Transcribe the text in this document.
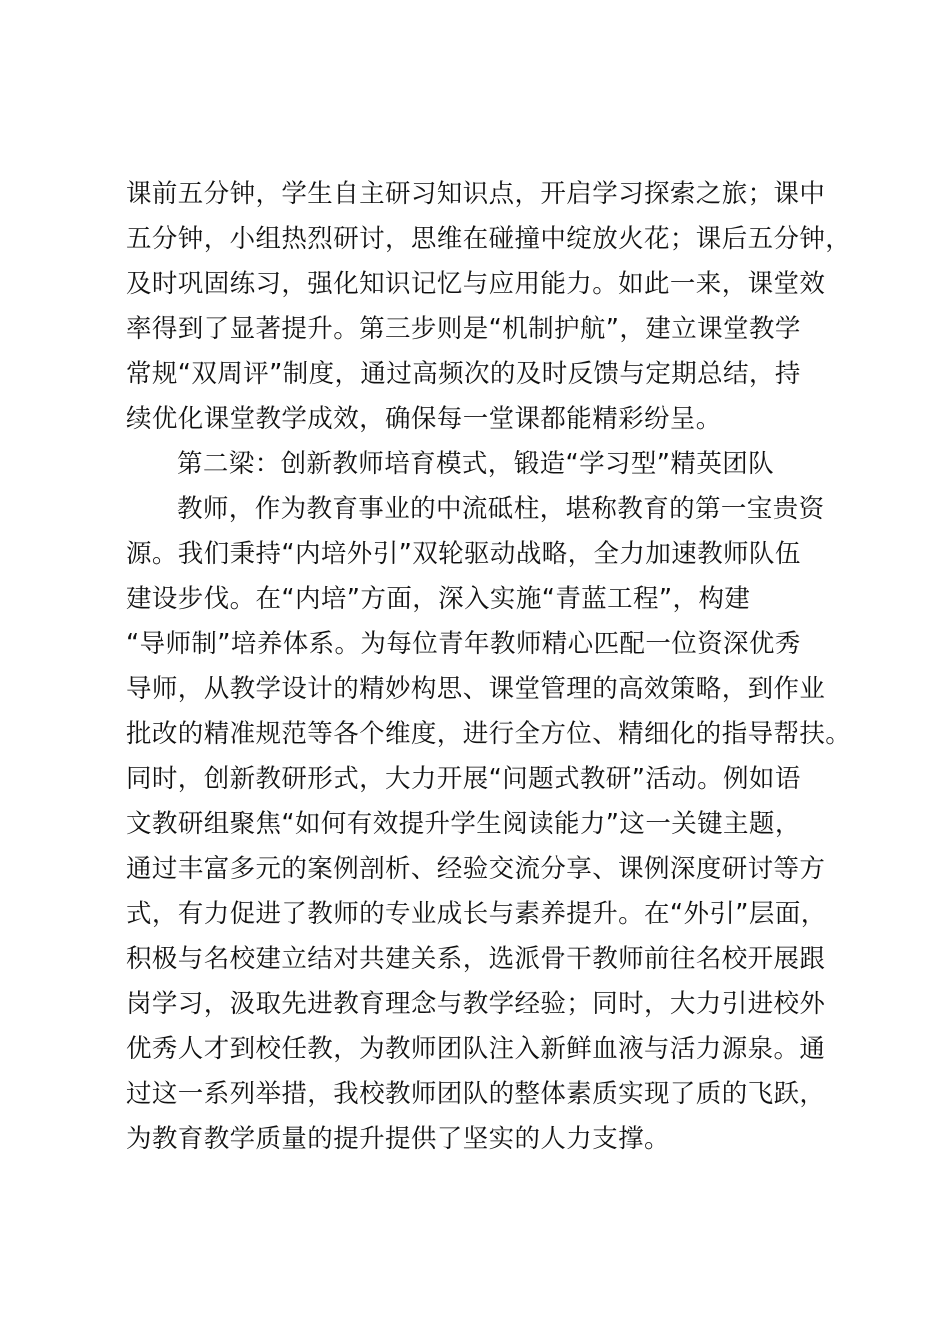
课前五分钟，学生自主研习知识点，开启学习探索之旅；课中
五分钟，小组热烈研讨，思维在碰撞中绽放火花；课后五分钟，
及时巩固练习，强化知识记忆与应用能力。如此一来，课堂效
率得到了显著提升。第三步则是“机制护航”，建立课堂教学
常规“双周评”制度，通过高频次的及时反馈与定期总结，持
续优化课堂教学成效，确保每一堂课都能精彩纷呈。
第二梁：创新教师培育模式，锻造“学习型”精英团队
教师，作为教育事业的中流砥柱，堪称教育的第一宝贵资
源。我们秉持“内培外引”双轮驱动战略，全力加速教师队伍
建设步伐。在“内培”方面，深入实施“青蓝工程”，构建
“导师制”培养体系。为每位青年教师精心匹配一位资深优秀
导师，从教学设计的精妙构思、课堂管理的高效策略，到作业
批改的精准规范等各个维度，进行全方位、精细化的指导帮扶。
同时，创新教研形式，大力开展“问题式教研”活动。例如语
文教研组聚焦“如何有效提升学生阅读能力”这一关键主题，
通过丰富多元的案例剖析、经验交流分享、课例深度研讨等方
式，有力促进了教师的专业成长与素养提升。在“外引”层面，
积极与名校建立结对共建关系，选派骨干教师前往名校开展跟
岗学习，汲取先进教育理念与教学经验；同时，大力引进校外
优秀人才到校任教，为教师团队注入新鲜血液与活力源泉。通
过这一系列举措，我校教师团队的整体素质实现了质的飞跃，
为教育教学质量的提升提供了坚实的人力支撑。
